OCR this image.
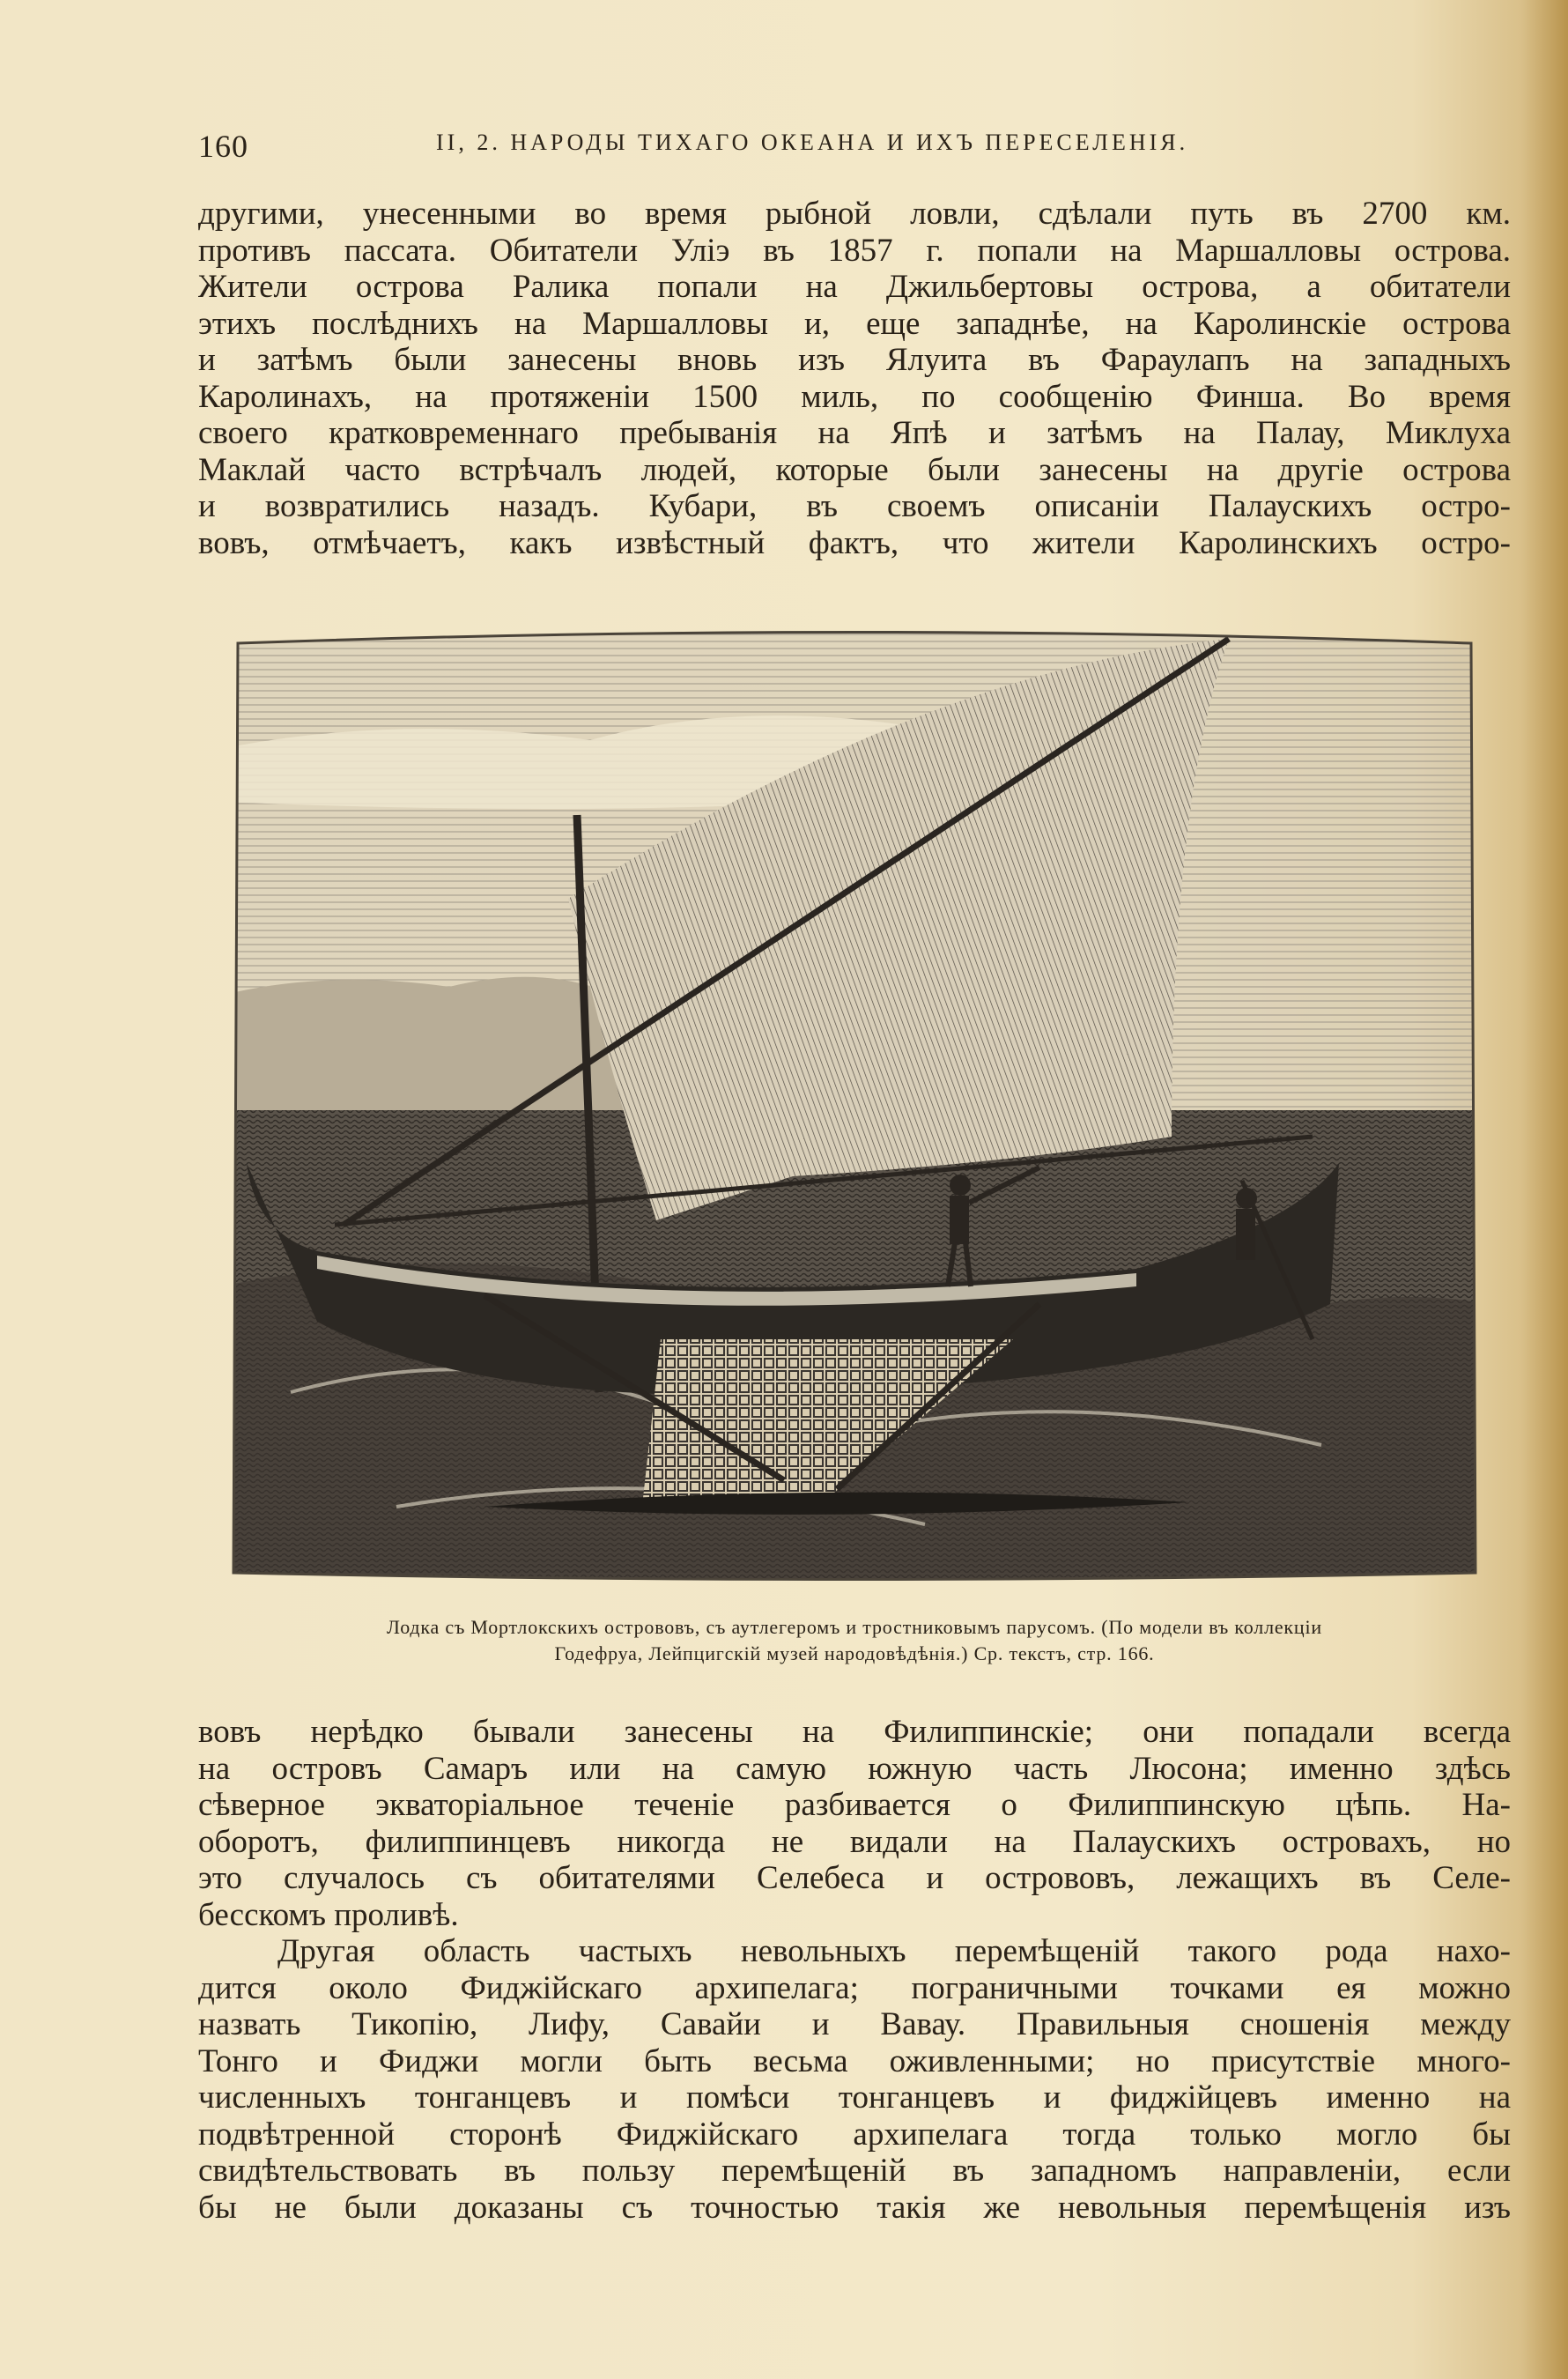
160	II, 2. НАРОДЫ ТИХАГО ОКЕАНА И ИХЪ ПЕРЕСЕЛЕНІЯ.
другими, унесенными во время рыбной ловли, сдѣлали путь въ 2700 км.
противъ пассата. Обитатели Уліэ въ 1857 г. попали на Маршалловы острова.
Жители острова Ралика попали на Джильбертовы острова, а обитатели
этихъ послѣднихъ на Маршалловы и, еще западнѣе, на Каролинскіе острова
и затѣмъ были занесены вновь изъ Ялуита въ Фараулапъ на западныхъ
Каролинахъ, на протяженіи 1500 миль, по сообщенію Финша. Во время
своего кратковременнаго пребыванія на Япѣ и затѣмъ на Палау, Миклуха
Маклай часто встрѣчалъ людей, которые были занесены на другіе острова
и возвратились назадъ. Кубари, въ своемъ описаніи Палаускихъ остро-
вовъ, отмѣчаетъ, какъ извѣстный фактъ, что жители Каролинскихъ остро-
Лодка съ Мортлокскихъ острововъ, съ аутлегеромъ и тростниковымъ парусомъ. (По модели въ коллекціи
Годефруа, Лейпцигскій музей народовѣдѣнія.) Ср. текстъ, стр. 166.
вовъ нерѣдко бывали занесены на Филиппинскіе; они попадали всегда
на островъ Самаръ или на самую южную часть Люсона; именно здѣсь
сѣверное экваторіальное теченіе разбивается о Филиппинскую цѣпь. На-
оборотъ, филиппинцевъ никогда не видали на Палаускихъ островахъ, но
это случалось съ обитателями Селебеса и острововъ, лежащихъ въ Селе-
бесскомъ проливѣ.
Другая область частыхъ невольныхъ перемѣщеній такого рода нахо-
дится около Фиджійскаго архипелага; пограничными точками ея можно
назвать Тикопію, Лифу, Савайи и Вавау. Правильныя сношенія между
Тонго и Фиджи могли быть весьма оживленными; но присутствіе много-
численныхъ тонганцевъ и помѣси тонганцевъ и фиджійцевъ именно на
подвѣтренной сторонѣ Фиджійскаго архипелага тогда только могло бы
свидѣтельствовать въ пользу перемѣщеній въ западномъ направленіи, если
бы не были доказаны съ точностью такія же невольныя перемѣщенія изъ
